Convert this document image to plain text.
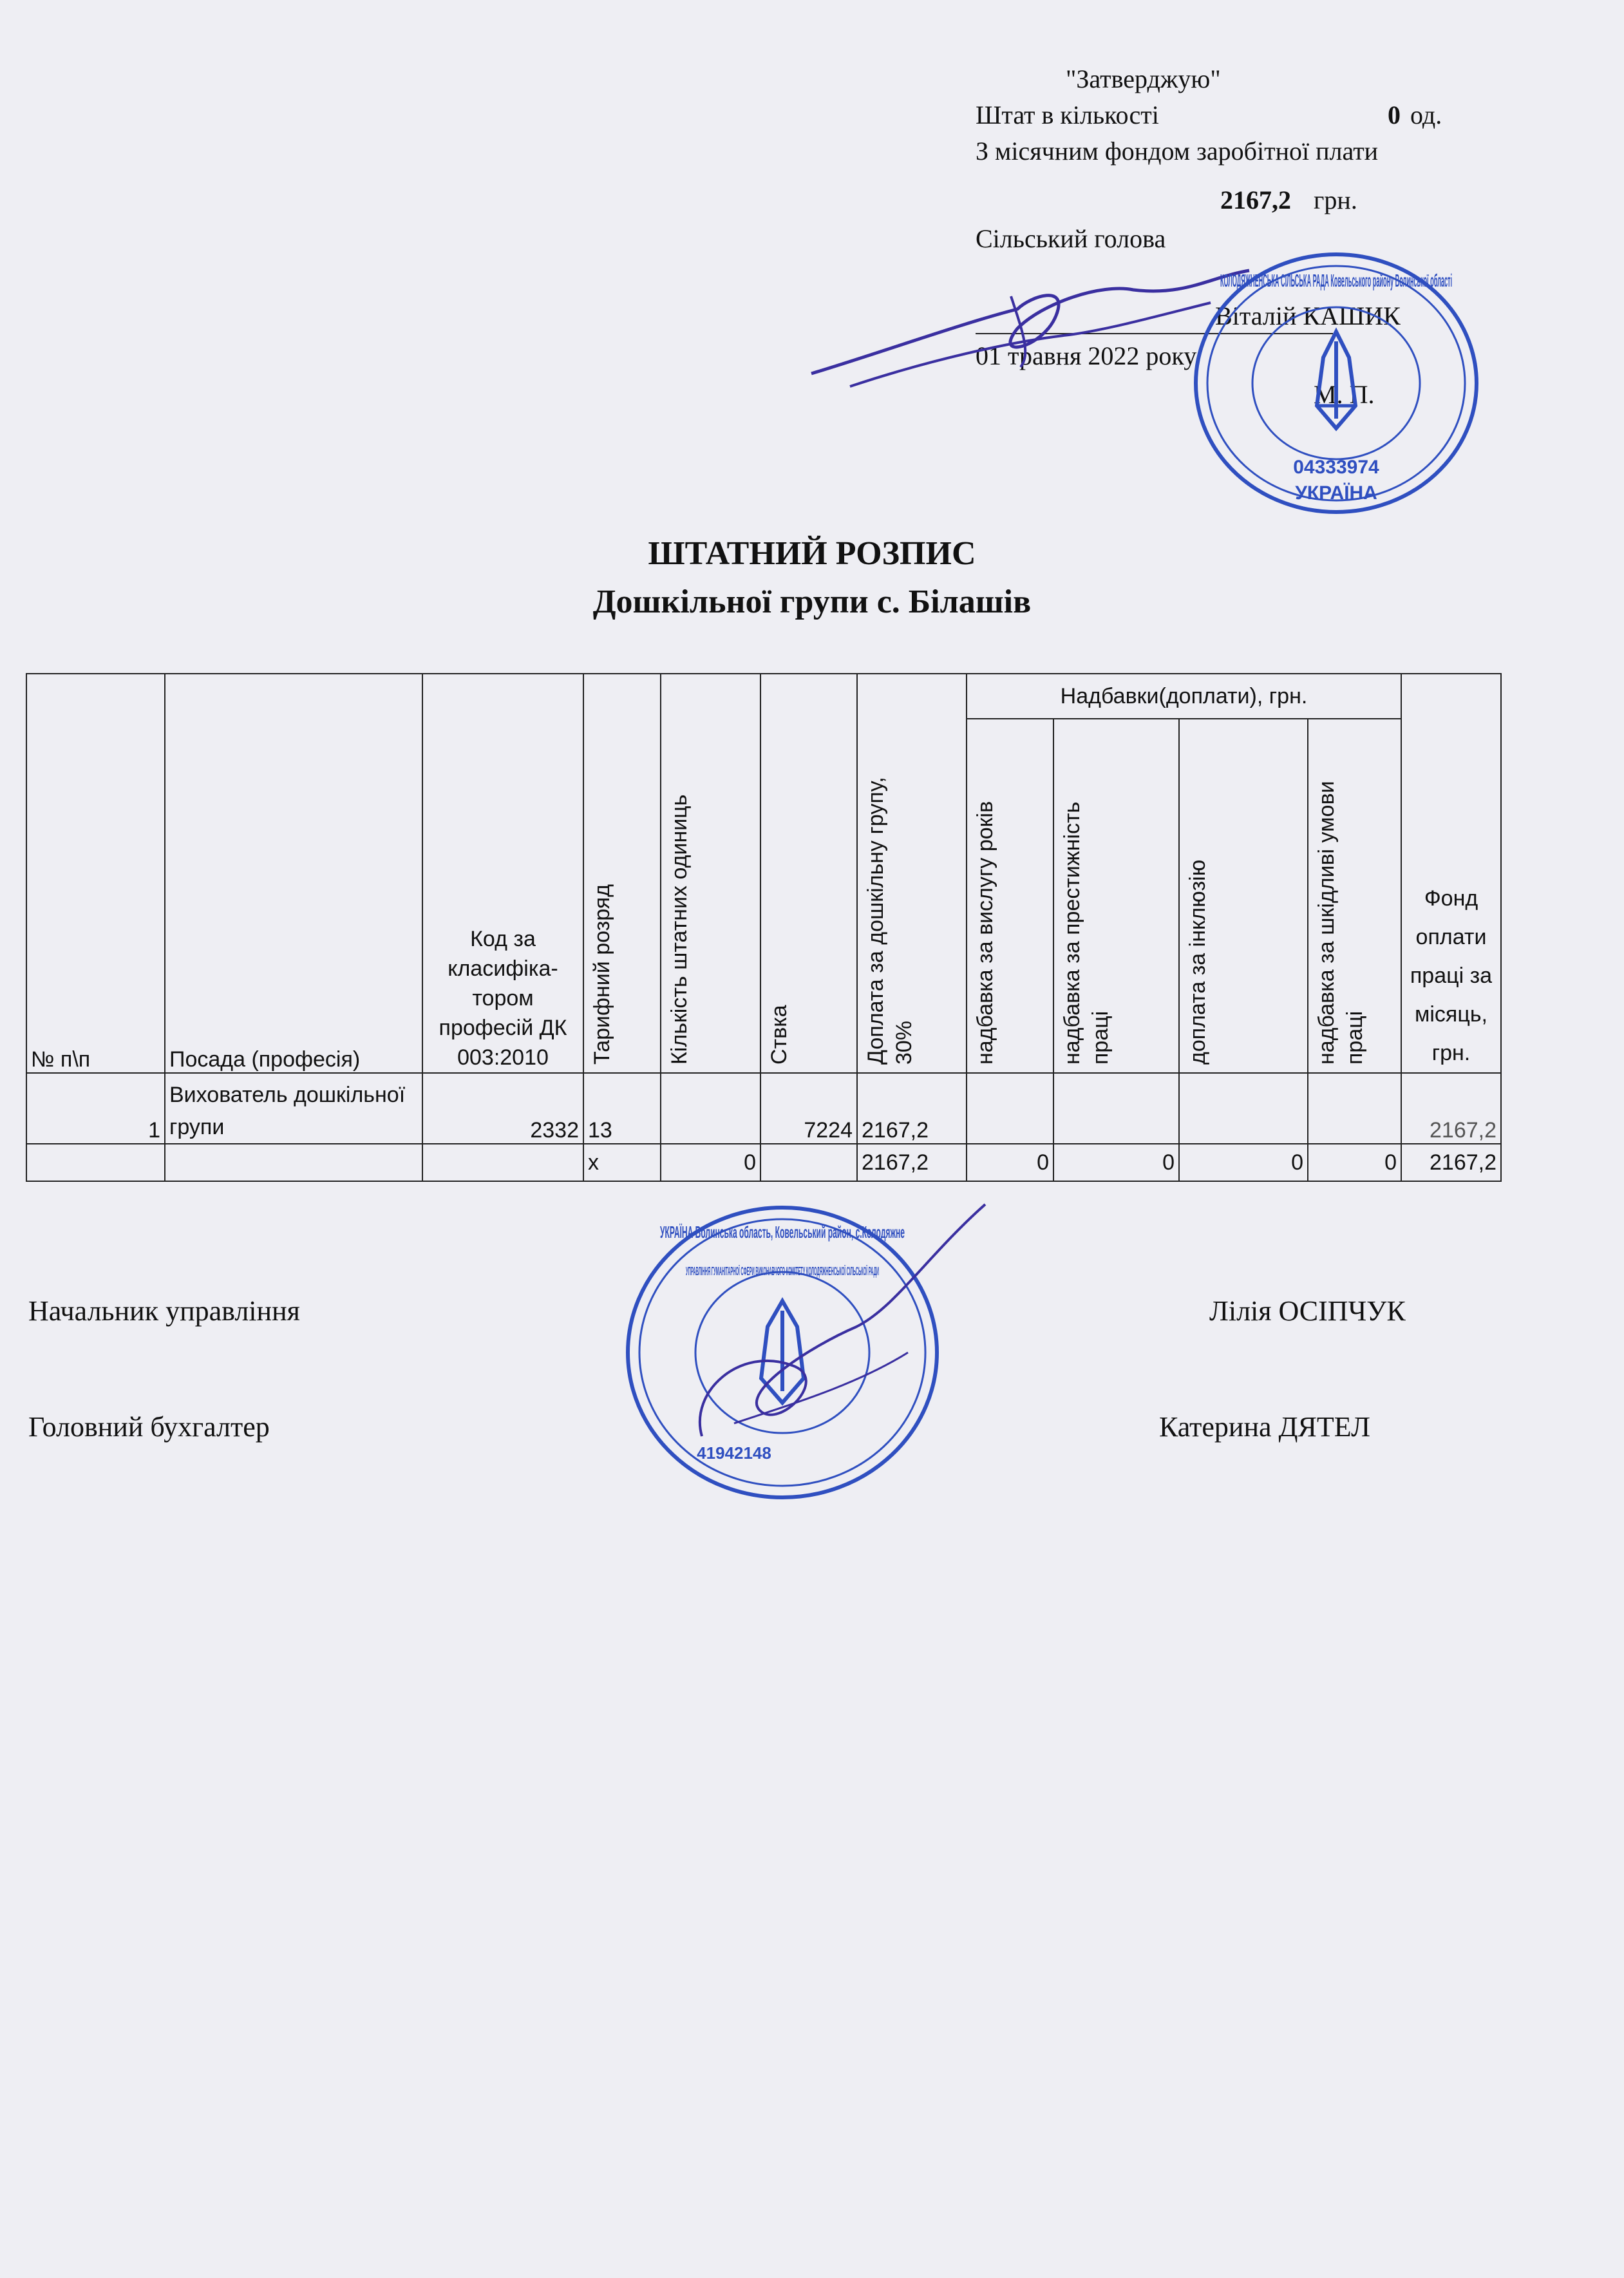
"Затверджую"
Штат в кількості	0 од.
З місячним фондом заробітної плати
2167,2 грн.
Сільський голова
Віталій КАШИК
01 травня 2022 року
М. П.
04333974
УКРАЇНА
КОЛОДЯЖНЕНСЬКА СІЛЬСЬКА РАДА Ковельського району Волинської області
ШТАТНИЙ РОЗПИС
Дошкільної групи с. Білашів
№ п\п	Посада (професія)	Код за класифіка-тором професій ДК 003:2010	Тарифний розряд	Кількість штатних одиниць	Ствка	Доплата за дошкільну групу, 30%	Надбавки(доплати), грн.				Фонд оплати праці за місяць, грн.

							надбавка за вислугу років	надбавка за престижність праці	доплата за інклюзію	надбавка за шкідливі умови праці	

1	Вихователь дошкільної групи	2332	13		7224	2167,2					2167,2
			х	0		2167,2	0	0	0	0	2167,2
УКРАЇНА Волинська область, Ковельський район, с.Колодяжне
УПРАВЛІННЯ ГУМАНІТАРНОЇ СФЕРИ ВИКОНАВЧОГО КОМІТЕТУ КОЛОДЯЖНЕНСЬКОЇ СІЛЬСЬКОЇ РАДИ
41942148
Начальник управління	Лілія ОСІПЧУК
Головний бухгалтер	Катерина ДЯТЕЛ
